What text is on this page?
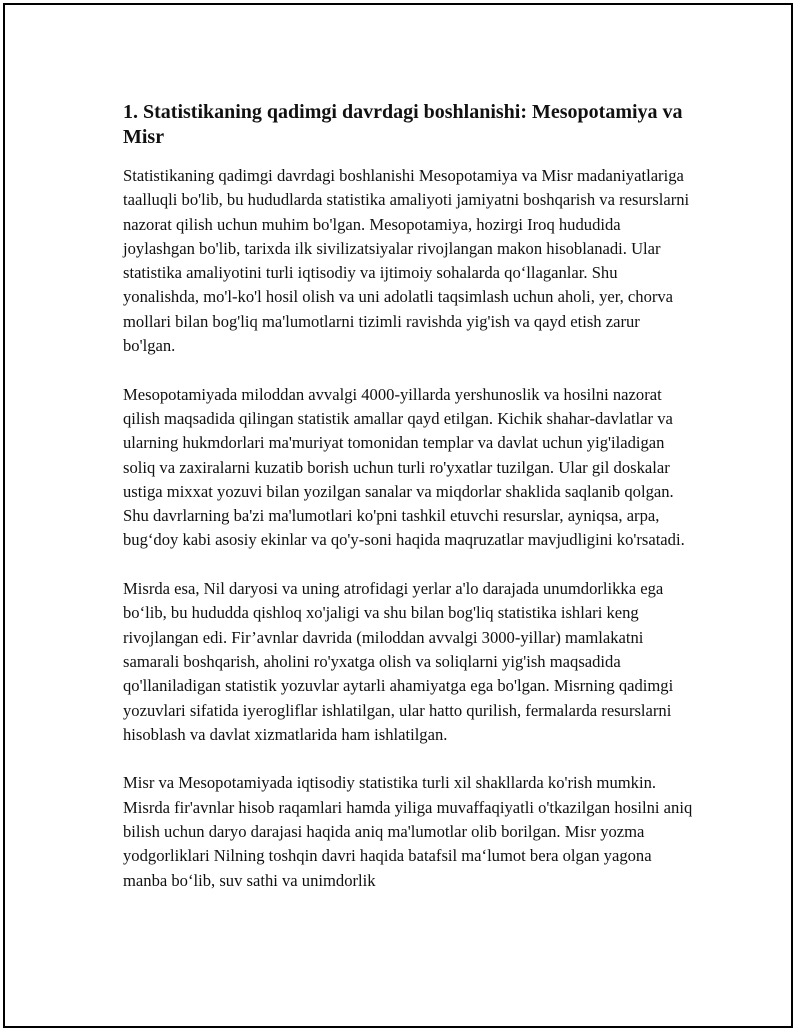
1. Statistikaning qadimgi davrdagi boshlanishi: Mesopotamiya va Misr

Statistikaning qadimgi davrdagi boshlanishi Mesopotamiya va Misr madaniyatlariga taalluqli bo'lib, bu hududlarda statistika amaliyoti jamiyatni boshqarish va resurslarni nazorat qilish uchun muhim bo'lgan. Mesopotamiya, hozirgi Iroq hududida joylashgan bo'lib, tarixda ilk sivilizatsiyalar rivojlangan makon hisoblanadi. Ular statistika amaliyotini turli iqtisodiy va ijtimoiy sohalarda qo‘llaganlar. Shu yonalishda, mo'l-ko'l hosil olish va uni adolatli taqsimlash uchun aholi, yer, chorva mollari bilan bog'liq ma'lumotlarni tizimli ravishda yig'ish va qayd etish zarur bo'lgan.

Mesopotamiyada miloddan avvalgi 4000-yillarda yershunoslik va hosilni nazorat qilish maqsadida qilingan statistik amallar qayd etilgan. Kichik shahar-davlatlar va ularning hukmdorlari ma'muriyat tomonidan templar va davlat uchun yig'iladigan soliq va zaxiralarni kuzatib borish uchun turli ro'yxatlar tuzilgan. Ular gil doskalar ustiga mixxat yozuvi bilan yozilgan sanalar va miqdorlar shaklida saqlanib qolgan. Shu davrlarning ba'zi ma'lumotlari ko'pni tashkil etuvchi resurslar, ayniqsa, arpa, bug‘doy kabi asosiy ekinlar va qo'y-soni haqida maqruzatlar mavjudligini ko'rsatadi.

Misrda esa, Nil daryosi va uning atrofidagi yerlar a'lo darajada unumdorlikka ega bo‘lib, bu hududda qishloq xo'jaligi va shu bilan bog'liq statistika ishlari keng rivojlangan edi. Fir’avnlar davrida (miloddan avvalgi 3000-yillar) mamlakatni samarali boshqarish, aholini ro'yxatga olish va soliqlarni yig'ish maqsadida qo'llaniladigan statistik yozuvlar aytarli ahamiyatga ega bo'lgan. Misrning qadimgi yozuvlari sifatida iyerogliflar ishlatilgan, ular hatto qurilish, fermalarda resurslarni hisoblash va davlat xizmatlarida ham ishlatilgan.

Misr va Mesopotamiyada iqtisodiy statistika turli xil shakllarda ko'rish mumkin. Misrda fir'avnlar hisob raqamlari hamda yiliga muvaffaqiyatli o'tkazilgan hosilni aniq bilish uchun daryo darajasi haqida aniq ma'lumotlar olib borilgan. Misr yozma yodgorliklari Nilning toshqin davri haqida batafsil ma‘lumot bera olgan yagona manba bo‘lib, suv sathi va unimdorlik
